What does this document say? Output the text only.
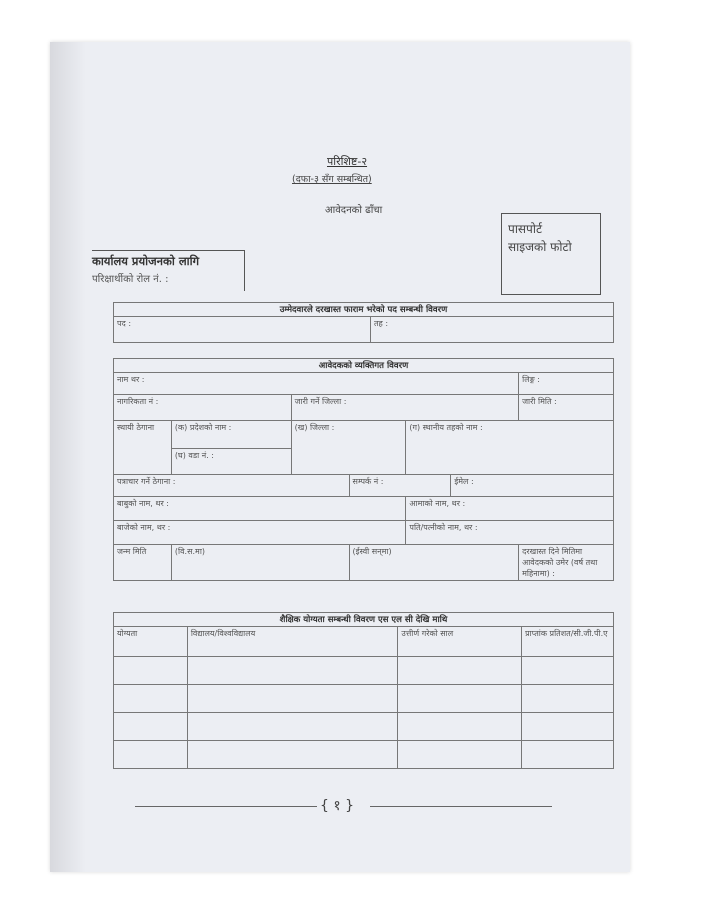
परिशिष्ट-२
(दफा-३ सँग सम्बन्धित)
आवेदनको ढाँचा
पासपोर्ट
साइजको फोटो
कार्यालय प्रयोजनको लागि
परिक्षार्थीको रोल नं. :
उम्मेदवारले दरखास्त फाराम भरेको पद सम्बन्धी विवरण
पद :	तह :
आवेदकको व्यक्तिगत विवरण						
नाम थर :						लिङ्ग :
नागरिकता नं :		जारी गर्ने जिल्ला :				जारी मिति :
स्थायी ठेगाना	(क) प्रदेशको नाम :	(ख) जिल्ला :		(ग) स्थानीय तहको नाम :		
	(घ) वडा नं. :					
पत्राचार गर्ने ठेगाना :			सम्पर्क नं :		ईमेल :	
बाबुको नाम, थर :				आमाको नाम, थर :		
बाजेको नाम, थर :				पति/पत्नीको नाम, थर :		
जन्म मिति	(वि.स.मा)		(ईस्वी सन्‌मा)			दरखास्त दिने मितिमा आवेदकको उमेर (वर्ष तथा महिनामा) :
शैक्षिक योग्यता सम्बन्धी विवरण एस एल सी देखि माथि			
योग्यता	विद्यालय/विश्वविद्यालय	उत्तीर्ण गरेको साल	प्राप्तांक प्रतिशत/सी.जी.पी.ए

{ १ }
